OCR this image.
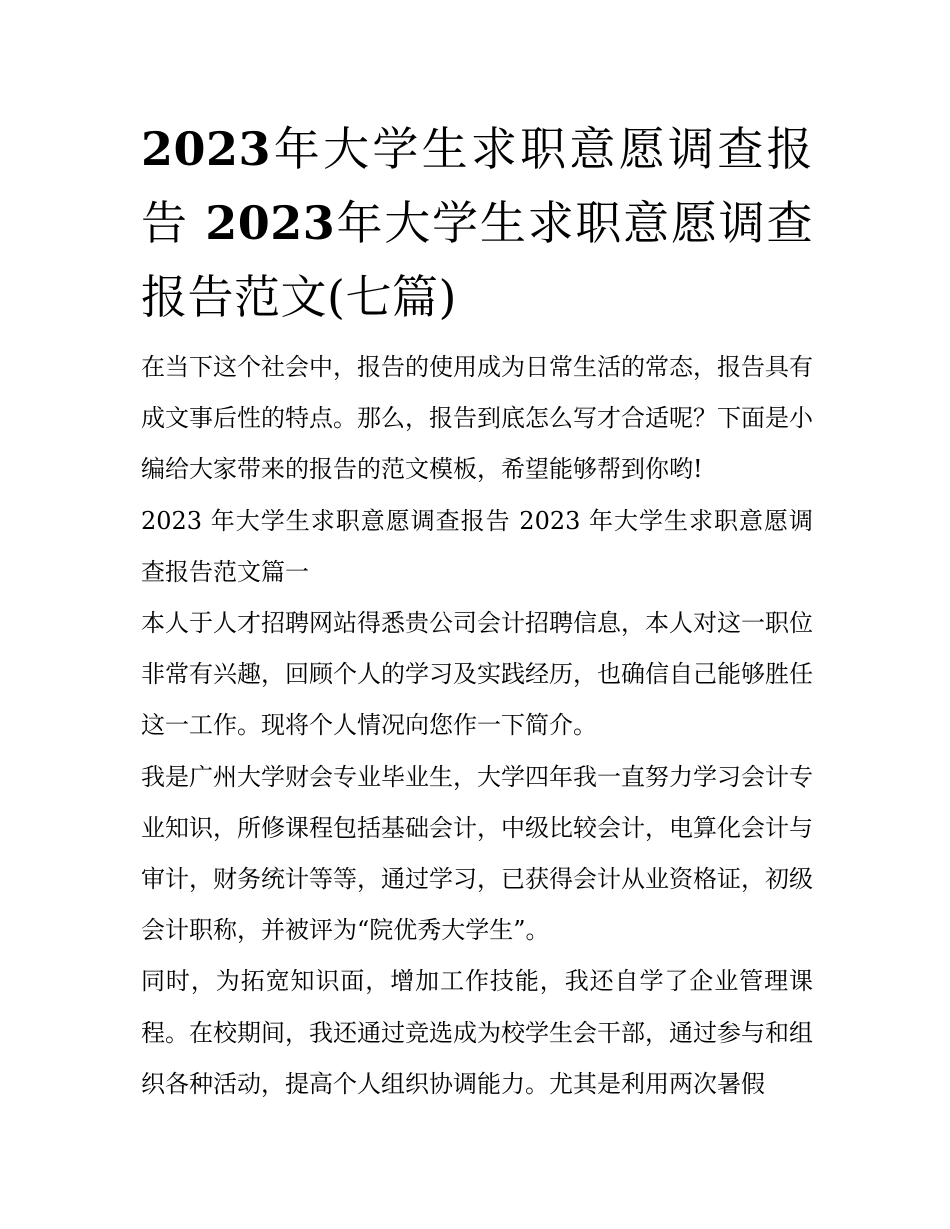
2023年大学生求职意愿调查报告 2023年大学生求职意愿调查报告范文(七篇)

在当下这个社会中，报告的使用成为日常生活的常态，报告具有成文事后性的特点。那么，报告到底怎么写才合适呢？下面是小编给大家带来的报告的范文模板，希望能够帮到你哟!

2023 年大学生求职意愿调查报告 2023 年大学生求职意愿调查报告范文篇一

本人于人才招聘网站得悉贵公司会计招聘信息，本人对这一职位非常有兴趣，回顾个人的学习及实践经历，也确信自己能够胜任这一工作。现将个人情况向您作一下简介。

我是广州大学财会专业毕业生，大学四年我一直努力学习会计专业知识，所修课程包括基础会计，中级比较会计，电算化会计与审计，财务统计等等，通过学习，已获得会计从业资格证，初级会计职称，并被评为“院优秀大学生”。

同时，为拓宽知识面，增加工作技能，我还自学了企业管理课程。在校期间，我还通过竞选成为校学生会干部，通过参与和组织各种活动，提高个人组织协调能力。尤其是利用两次暑假
